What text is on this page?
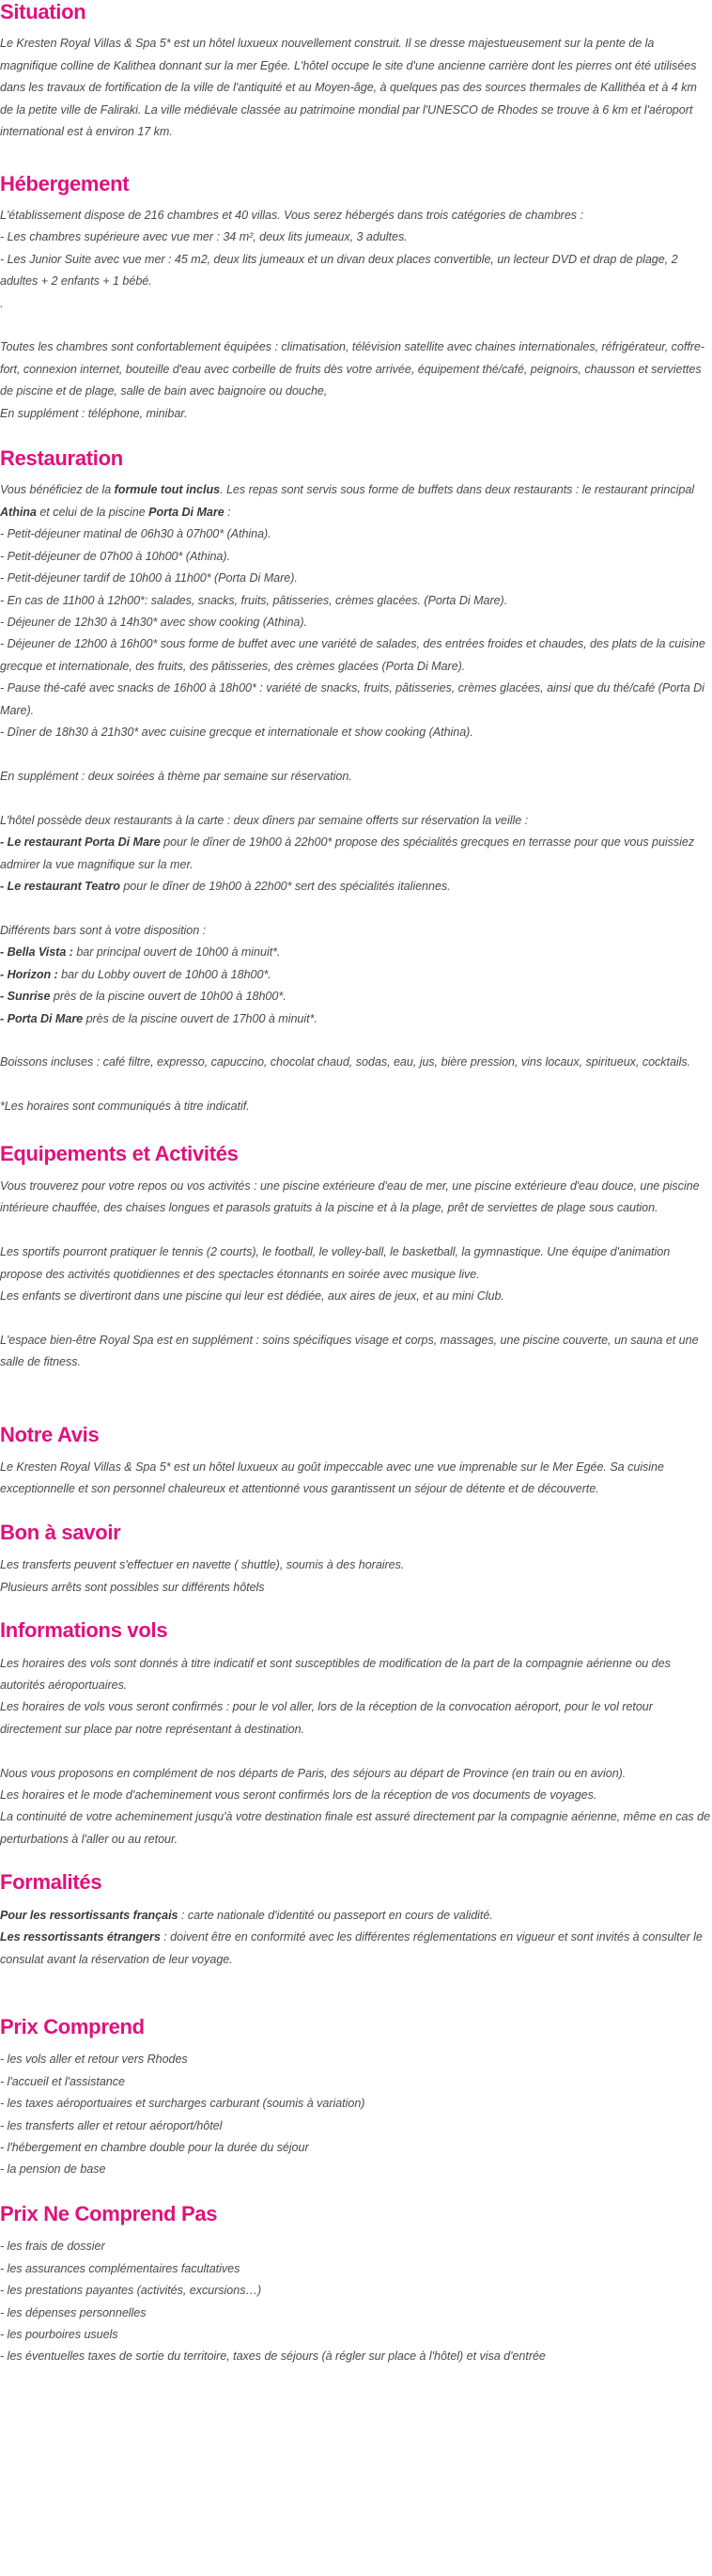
Situation

Le Kresten Royal Villas & Spa 5* est un hôtel luxueux nouvellement construit. Il se dresse majestueusement sur la pente de la magnifique colline de Kalithea donnant sur la mer Egée. L'hôtel occupe le site d'une ancienne carrière dont les pierres ont été utilisées dans les travaux de fortification de la ville de l'antiquité et au Moyen-âge, à quelques pas des sources thermales de Kallithéa et à 4 km de la petite ville de Faliraki. La ville médiévale classée au patrimoine mondial par l'UNESCO de Rhodes se trouve à 6 km et l'aéroport international est à environ 17 km.

Hébergement
L'établissement dispose de 216 chambres et 40 villas. Vous serez hébergés dans trois catégories de chambres :
- Les chambres supérieure avec vue mer : 34 m², deux lits jumeaux, 3 adultes.
- Les Junior Suite avec vue mer : 45 m2, deux lits jumeaux et un divan deux places convertible, un lecteur DVD et drap de plage, 2 adultes + 2 enfants + 1 bébé.
.
Toutes les chambres sont confortablement équipées : climatisation, télévision satellite avec chaines internationales, réfrigérateur, coffre-fort, connexion internet, bouteille d'eau avec corbeille de fruits dès votre arrivée, équipement thé/café, peignoirs, chausson et serviettes de piscine et de plage, salle de bain avec baignoire ou douche,
En supplément : téléphone, minibar.
Restauration
Vous bénéficiez de la formule tout inclus. Les repas sont servis sous forme de buffets dans deux restaurants : le restaurant principal Athina et celui de la piscine Porta Di Mare :
- Petit-déjeuner matinal de 06h30 à 07h00* (Athina).
- Petit-déjeuner de 07h00 à 10h00* (Athina).
- Petit-déjeuner tardif de 10h00 à 11h00* (Porta Di Mare).
- En cas de 11h00 à 12h00*: salades, snacks, fruits, pâtisseries, crèmes glacées. (Porta Di Mare).
- Déjeuner de 12h30 à 14h30* avec show cooking (Athina).
- Déjeuner de 12h00 à 16h00* sous forme de buffet avec une variété de salades, des entrées froides et chaudes, des plats de la cuisine grecque et internationale, des fruits, des pâtisseries, des crèmes glacées (Porta Di Mare).
- Pause thé-café avec snacks de 16h00 à 18h00* : variété de snacks, fruits, pâtisseries, crèmes glacées, ainsi que du thé/café (Porta Di Mare).
- Dîner de 18h30 à 21h30* avec cuisine grecque et internationale et show cooking (Athina).
En supplément : deux soirées à thème par semaine sur réservation.
L'hôtel possède deux restaurants à la carte : deux dîners par semaine offerts sur réservation la veille :
- Le restaurant Porta Di Mare pour le dîner de 19h00 à 22h00* propose des spécialités grecques en terrasse pour que vous puissiez admirer la vue magnifique sur la mer.
- Le restaurant Teatro pour le dîner de 19h00 à 22h00* sert des spécialités italiennes.
Différents bars sont à votre disposition :
- Bella Vista : bar principal ouvert de 10h00 à minuit*.
- Horizon : bar du Lobby ouvert de 10h00 à 18h00*.
- Sunrise près de la piscine ouvert de 10h00 à 18h00*.
- Porta Di Mare près de la piscine ouvert de 17h00 à minuit*.
Boissons incluses : café filtre, expresso, capuccino, chocolat chaud, sodas, eau, jus, bière pression, vins locaux, spiritueux, cocktails.
*Les horaires sont communiqués à titre indicatif.
Equipements et Activités
Vous trouverez pour votre repos ou vos activités : une piscine extérieure d'eau de mer, une piscine extérieure d'eau douce, une piscine intérieure chauffée, des chaises longues et parasols gratuits à la piscine et à la plage, prêt de serviettes de plage sous caution.
Les sportifs pourront pratiquer le tennis (2 courts), le football, le volley-ball, le basketball, la gymnastique. Une équipe d'animation propose des activités quotidiennes et des spectacles étonnants en soirée avec musique live.
Les enfants se divertiront dans une piscine qui leur est dédiée, aux aires de jeux, et au mini Club.
L'espace bien-être Royal Spa est en supplément : soins spécifiques visage et corps, massages, une piscine couverte, un sauna et une salle de fitness.
Notre Avis

Le Kresten Royal Villas & Spa 5* est un hôtel luxueux au goût impeccable avec une vue imprenable sur le Mer Egée. Sa cuisine exceptionnelle et son personnel chaleureux et attentionné vous garantissent un séjour de détente et de découverte.

Bon à savoir
Les transferts peuvent s'effectuer en navette ( shuttle), soumis à des horaires.
Plusieurs arrêts sont possibles sur différents hôtels
Informations vols
Les horaires des vols sont donnés à titre indicatif et sont susceptibles de modification de la part de la compagnie aérienne ou des autorités aéroportuaires.
Les horaires de vols vous seront confirmés : pour le vol aller, lors de la réception de la convocation aéroport, pour le vol retour directement sur place par notre représentant à destination.
Nous vous proposons en complément de nos départs de Paris, des séjours au départ de Province (en train ou en avion).
Les horaires et le mode d'acheminement vous seront confirmés lors de la réception de vos documents de voyages.
La continuité de votre acheminement jusqu'à votre destination finale est assuré directement par la compagnie aérienne, même en cas de perturbations à l'aller ou au retour.
Formalités
Pour les ressortissants français : carte nationale d'identité ou passeport en cours de validité.
Les ressortissants étrangers : doivent être en conformité avec les différentes réglementations en vigueur et sont invités à consulter le consulat avant la réservation de leur voyage.
Prix Comprend
- les vols aller et retour vers Rhodes
- l'accueil et l'assistance
- les taxes aéroportuaires et surcharges carburant (soumis à variation)
- les transferts aller et retour aéroport/hôtel
- l'hébergement en chambre double pour la durée du séjour
- la pension de base
Prix Ne Comprend Pas
- les frais de dossier
- les assurances complémentaires facultatives
- les prestations payantes (activités, excursions…)
- les dépenses personnelles
- les pourboires usuels
- les éventuelles taxes de sortie du territoire, taxes de séjours (à régler sur place à l'hôtel) et visa d'entrée
